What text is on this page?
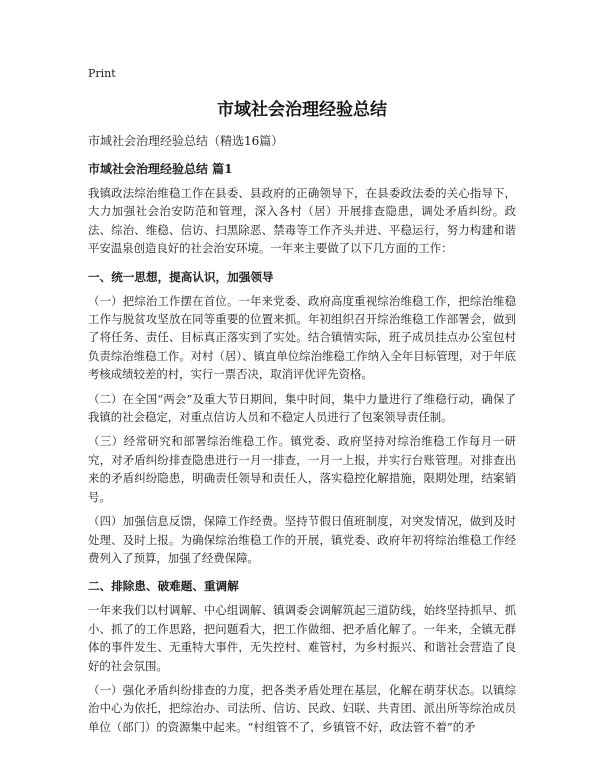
Print
市域社会治理经验总结
市域社会治理经验总结（精选16篇）
市域社会治理经验总结 篇1

我镇政法综治维稳工作在县委、县政府的正确领导下，在县委政法委的关心指导下，大力加强社会治安防范和管理，深入各村（居）开展排查隐患，调处矛盾纠纷。政法、综治、维稳、信访、扫黑除恶、禁毒等工作齐头并进、平稳运行，努力构建和谐平安温泉创造良好的社会治安环境。一年来主要做了以下几方面的工作：

一、统一思想，提高认识，加强领导

（一）把综治工作摆在首位。一年来党委、政府高度重视综治维稳工作，把综治维稳工作与脱贫攻坚放在同等重要的位置来抓。年初组织召开综治维稳工作部署会，做到了将任务、责任、目标真正落实到了实处。结合镇情实际，班子成员挂点办公室包村负责综治维稳工作。对村（居）、镇直单位综治维稳工作纳入全年目标管理，对于年底考核成绩较差的村，实行一票否决，取消评优评先资格。

（二）在全国“两会”及重大节日期间，集中时间，集中力量进行了维稳行动，确保了我镇的社会稳定，对重点信访人员和不稳定人员进行了包案领导责任制。

（三）经常研究和部署综治维稳工作。镇党委、政府坚持对综治维稳工作每月一研究，对矛盾纠纷排查隐患进行一月一排查，一月一上报，并实行台账管理。对排查出来的矛盾纠纷隐患，明确责任领导和责任人，落实稳控化解措施，限期处理，结案销号。

（四）加强信息反馈，保障工作经费。坚持节假日值班制度，对突发情况，做到及时处理、及时上报。为确保综治维稳工作的开展，镇党委、政府年初将综治维稳工作经费列入了预算，加强了经费保障。

二、排除患、破难题、重调解

一年来我们以村调解、中心组调解、镇调委会调解筑起三道防线，始终坚持抓早、抓小、抓了的工作思路，把问题看大，把工作做细、把矛盾化解了。一年来，全镇无群体的事件发生、无重特大事件，无失控村、难管村，为乡村振兴、和谐社会营造了良好的社会氛围。

（一）强化矛盾纠纷排查的力度，把各类矛盾处理在基层，化解在萌芽状态。以镇综治中心为依托，把综治办、司法所、信访、民政、妇联、共青团、派出所等综治成员单位（部门）的资源集中起来。“村组管不了，乡镇管不好，政法管不着”的矛
